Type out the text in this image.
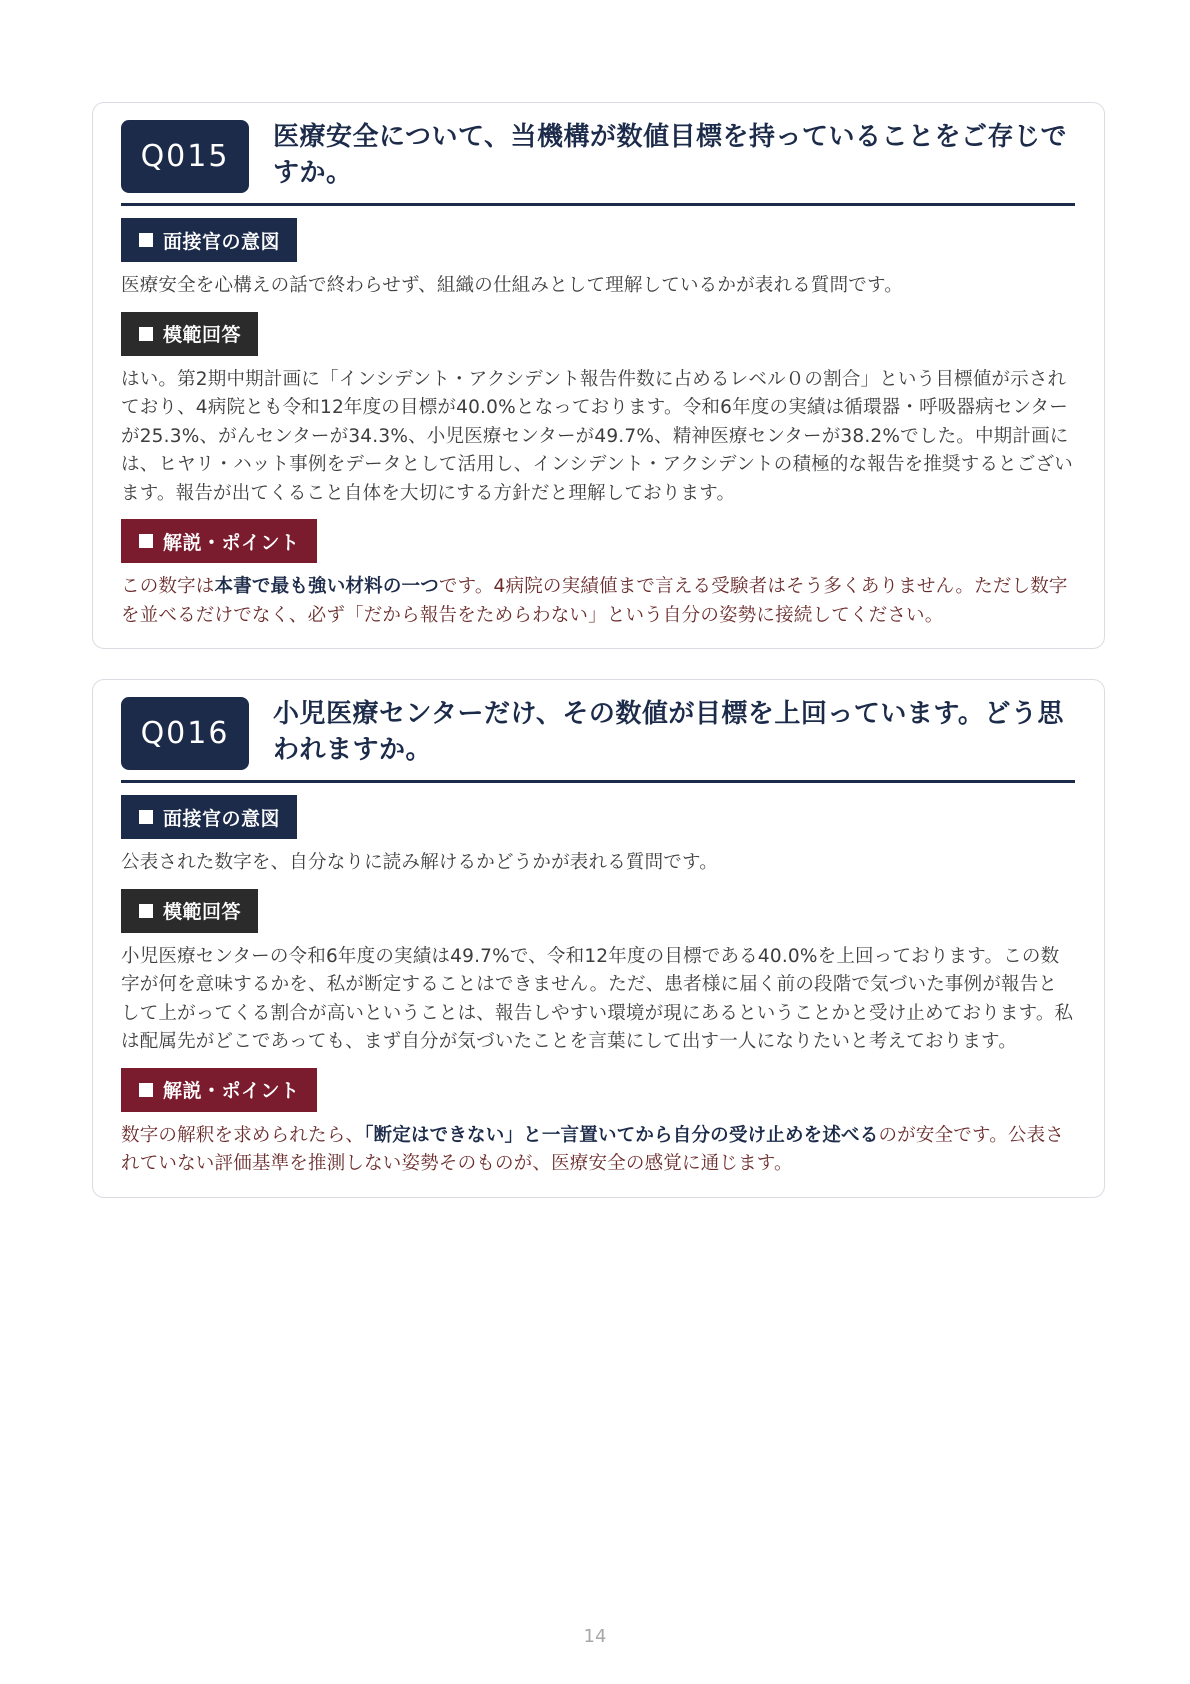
Q015
医療安全について、当機構が数値目標を持っていることをご存じですか。
面接官の意図

医療安全を心構えの話で終わらせず、組織の仕組みとして理解しているかが表れる質問です。

模範回答

はい。第2期中期計画に「インシデント・アクシデント報告件数に占めるレベル０の割合」という目標値が示されており、4病院とも令和12年度の目標が40.0%となっております。令和6年度の実績は循環器・呼吸器病センターが25.3%、がんセンターが34.3%、小児医療センターが49.7%、精神医療センターが38.2%でした。中期計画には、ヒヤリ・ハット事例をデータとして活用し、インシデント・アクシデントの積極的な報告を推奨するとございます。報告が出てくること自体を大切にする方針だと理解しております。

解説・ポイント

この数字は本書で最も強い材料の一つです。4病院の実績値まで言える受験者はそう多くありません。ただし数字を並べるだけでなく、必ず「だから報告をためらわない」という自分の姿勢に接続してください。

Q016
小児医療センターだけ、その数値が目標を上回っています。どう思われますか。
面接官の意図

公表された数字を、自分なりに読み解けるかどうかが表れる質問です。

模範回答

小児医療センターの令和6年度の実績は49.7%で、令和12年度の目標である40.0%を上回っております。この数字が何を意味するかを、私が断定することはできません。ただ、患者様に届く前の段階で気づいた事例が報告として上がってくる割合が高いということは、報告しやすい環境が現にあるということかと受け止めております。私は配属先がどこであっても、まず自分が気づいたことを言葉にして出す一人になりたいと考えております。

解説・ポイント

数字の解釈を求められたら、「断定はできない」と一言置いてから自分の受け止めを述べるのが安全です。公表されていない評価基準を推測しない姿勢そのものが、医療安全の感覚に通じます。

14
